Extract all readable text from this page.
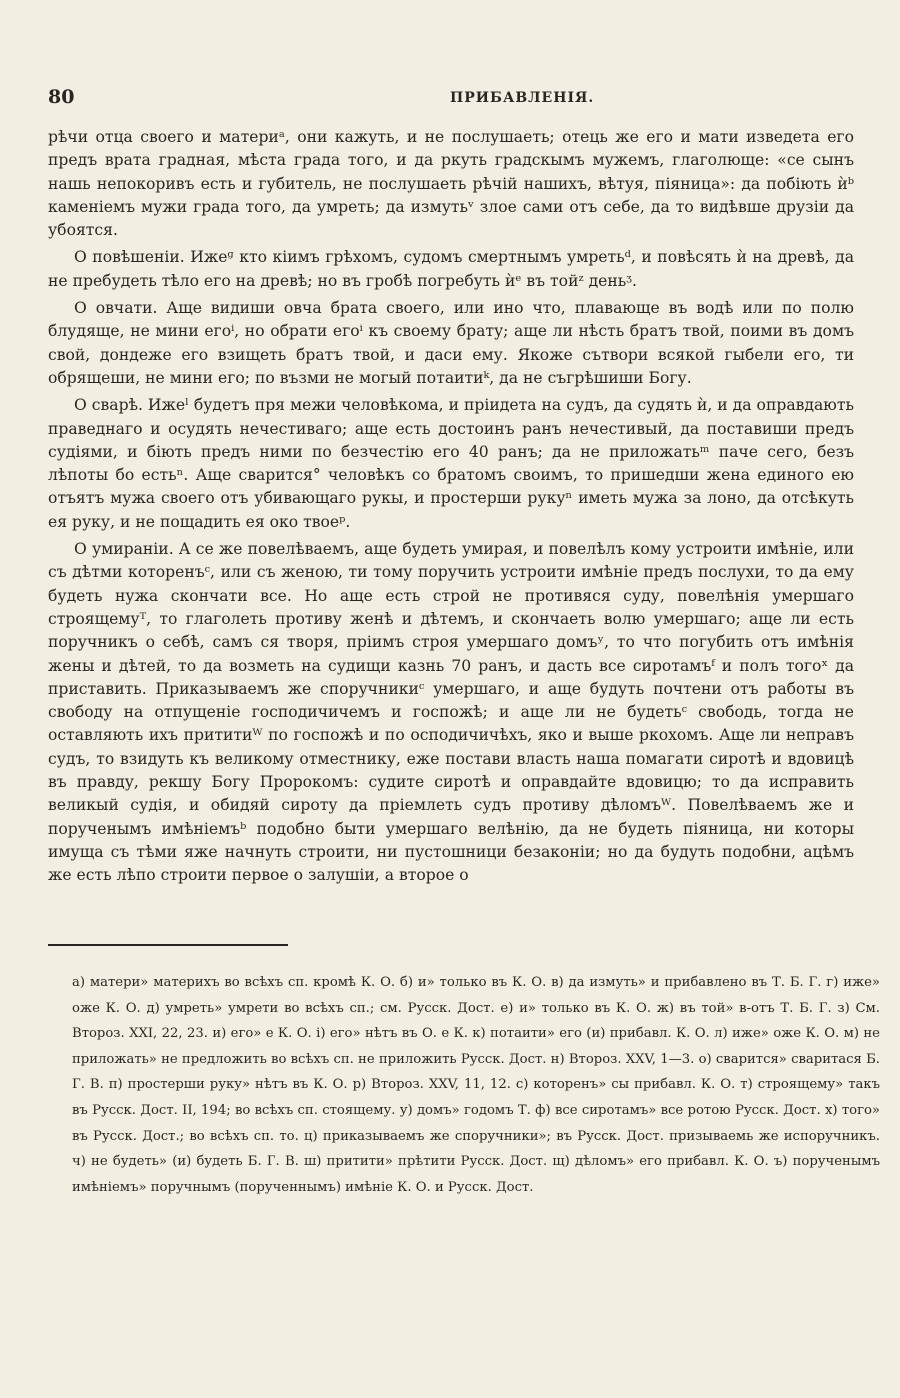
80	ПРИБАВЛЕНІЯ.

рѣчи отца своего и материᵃ, они кажуть, и не послушаеть; отець же его и мати изведета его предъ врата градная, мѣста града того, и да ркуть градскымъ мужемъ, глаголюще: «се сынъ нашь непокоривъ есть и губитель, не послушаеть рѣчій нашихъ, вѣтуя, піяница»: да побіють ѝᵇ каменіемъ мужи града того, да умреть; да измутьᵛ злое сами отъ себе, да то видѣвше друзіи да убоятся.

О повѣшеніи. Ижеᵍ кто кіимъ грѣхомъ, судомъ смертнымъ умретьᵈ, и повѣсять ѝ на древѣ, да не пребудеть тѣло его на древѣ; но въ гробѣ погребуть ѝᵉ въ тойᶻ деньᶾ.

О овчати. Аще видиши овча брата своего, или ино что, плавающе въ водѣ или по полю блудяще, не мини егоⁱ, но обрати егоⁱ къ своему брату; аще ли нѣсть братъ твой, поими въ домъ свой, дондеже его взищеть братъ твой, и даси ему. Якоже сътвори всякой гыбели его, ти обрящеши, не мини его; по възми не могый потаитиᵏ, да не съгрѣшиши Богу.

О сварѣ. Ижеˡ будетъ пря межи человѣкома, и пріидета на судъ, да судять ѝ, и да оправдають праведнаго и осудять нечестиваго; аще есть достоинъ ранъ нечестивый, да поставиши предъ судіями, и біють предъ ними по безчестію его 40 ранъ; да не приложатьᵐ паче сего, безъ лѣпоты бо естьⁿ. Аще сварится° человѣкъ со братомъ своимъ, то пришедши жена единого ею отъятъ мужа своего отъ убивающаго рукы, и простерши рукуⁿ иметь мужа за лоно, да отсѣкуть ея руку, и не пощадить ея око твоеᵖ.

О умираніи. А се же повелѣваемъ, аще будеть умирая, и повелѣлъ кому устроити имѣніе, или съ дѣтми которенъᶜ, или съ женою, ти тому поручить устроити имѣніе предъ послухи, то да ему будеть нужа скончати все. Но аще есть строй не противяся суду, повелѣнія умершаго строящемуᵀ, то глаголеть противу женѣ и дѣтемъ, и скончаеть волю умершаго; аще ли есть поручникъ о себѣ, самъ ся творя, пріимъ строя умершаго домъʸ, то что погубить отъ имѣнія жены и дѣтей, то да возметь на судищи казнь 70 ранъ, и дасть все сиротамъᶠ и полъ тогоˣ да приставить. Приказываемъ же споручникиᶜ умершаго, и аще будуть почтени отъ работы въ свободу на отпущеніе господичичемъ и госпожѣ; и аще ли не будетьᶜ свободь, тогда не оставляють ихъ прититиᵂ по госпожѣ и по осподичичѣхъ, яко и выше ркохомъ. Аще ли неправъ судъ, то взидуть къ великому отместнику, еже постави власть наша помагати сиротѣ и вдовицѣ въ правду, рекшу Богу Пророкомъ: судите сиротѣ и оправдайте вдовицю; то да исправить великый судія, и обидяй сироту да пріемлеть судъ противу дѣломъᵂ. Повелѣваемъ же и порученымъ имѣніемъᵇ подобно быти умершаго велѣнію, да не будеть піяница, ни которы имуща съ тѣми яже начнуть строити, ни пустошници безаконіи; но да будуть подобни, ацѣмъ же есть лѣпо строити первое о залушіи, а второе о

а) матери» материхъ во всѣхъ сп. кромѣ К. О. б) и» только въ К. О. в) да измуть» и прибавлено въ Т. Б. Г. г) иже» оже К. О. д) умреть» умрети во всѣхъ сп.; см. Русск. Дост. е) и» только въ К. О. ж) въ той» в-отъ Т. Б. Г. з) См. Второз. XXI, 22, 23. и) его» е К. О. і) его» нѣтъ въ О. е К. к) потаити» его (и) прибавл. К. О. л) иже» оже К. О. м) не приложать» не предложить во всѣхъ сп. не приложить Русск. Дост. н) Второз. XXV, 1—3. о) сварится» сваритася Б. Г. В. п) простерши руку» нѣтъ въ К. О. р) Второз. XXV, 11, 12. с) которенъ» сы прибавл. К. О. т) строящему» такъ въ Русск. Дост. II, 194; во всѣхъ сп. стоящему. у) домъ» годомъ Т. ф) все сиротамъ» все ротою Русск. Дост. х) того» въ Русск. Дост.; во всѣхъ сп. то. ц) приказываемъ же споручники»; въ Русск. Дост. призываемь же испоручникъ. ч) не будеть» (и) будеть Б. Г. В. ш) притити» прѣтити Русск. Дост. щ) дѣломъ» его прибавл. К. О. ъ) порученымъ имѣніемъ» поручнымъ (порученнымъ) имѣніе К. О. и Русск. Дост.
